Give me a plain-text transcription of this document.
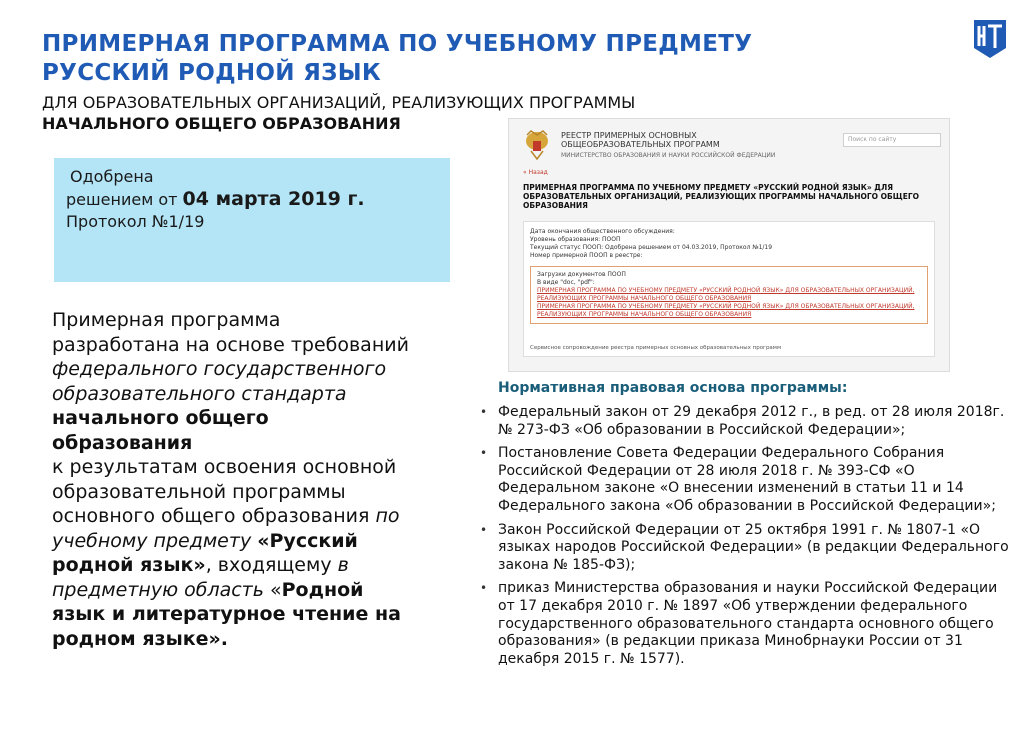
ПРИМЕРНАЯ ПРОГРАММА ПО УЧЕБНОМУ ПРЕДМЕТУ
РУССКИЙ РОДНОЙ ЯЗЫК
ДЛЯ ОБРАЗОВАТЕЛЬНЫХ ОРГАНИЗАЦИЙ, РЕАЛИЗУЮЩИХ ПРОГРАММЫ
НАЧАЛЬНОГО ОБЩЕГО ОБРАЗОВАНИЯ
Одобрена
решением от 04 марта 2019 г.
Протокол №1/19
Примерная программа разработана на основе требований федерального государственного образовательного стандарта начального общего образования
к результатам освоения основной образовательной программы основного общего образования по учебному предмету «Русский родной язык», входящему в предметную область «Родной язык и литературное чтение на родном языке».
РЕЕСТР ПРИМЕРНЫХ ОСНОВНЫХ ОБЩЕОБРАЗОВАТЕЛЬНЫХ ПРОГРАММ
МИНИСТЕРСТВО ОБРАЗОВАНИЯ И НАУКИ РОССИЙСКОЙ ФЕДЕРАЦИИ
Поиск по сайту
« Назад
ПРИМЕРНАЯ ПРОГРАММА ПО УЧЕБНОМУ ПРЕДМЕТУ «РУССКИЙ РОДНОЙ ЯЗЫК» ДЛЯ ОБРАЗОВАТЕЛЬНЫХ ОРГАНИЗАЦИЙ, РЕАЛИЗУЮЩИХ ПРОГРАММЫ НАЧАЛЬНОГО ОБЩЕГО ОБРАЗОВАНИЯ
Дата окончания общественного обсуждения:
Уровень образования: ПООП
Текущий статус ПООП: Одобрена решением от 04.03.2019, Протокол №1/19
Номер примерной ПООП в реестре:
Загрузки документов ПООП
В виде "doc, "pdf":
ПРИМЕРНАЯ ПРОГРАММА ПО УЧЕБНОМУ ПРЕДМЕТУ «РУССКИЙ РОДНОЙ ЯЗЫК» ДЛЯ ОБРАЗОВАТЕЛЬНЫХ ОРГАНИЗАЦИЙ, РЕАЛИЗУЮЩИХ ПРОГРАММЫ НАЧАЛЬНОГО ОБЩЕГО ОБРАЗОВАНИЯ
ПРИМЕРНАЯ ПРОГРАММА ПО УЧЕБНОМУ ПРЕДМЕТУ «РУССКИЙ РОДНОЙ ЯЗЫК» ДЛЯ ОБРАЗОВАТЕЛЬНЫХ ОРГАНИЗАЦИЙ, РЕАЛИЗУЮЩИХ ПРОГРАММЫ НАЧАЛЬНОГО ОБЩЕГО ОБРАЗОВАНИЯ
Сервисное сопровождение реестра примерных основных образовательных программ
Нормативная правовая основа программы:
• Федеральный закон от 29 декабря 2012 г., в ред. от 28 июля 2018г. № 273-ФЗ «Об образовании в Российской Федерации»;
• Постановление Совета Федерации Федерального Собрания Российской Федерации от 28 июля 2018 г. № 393-СФ «О Федеральном законе «О внесении изменений в статьи 11 и 14 Федерального закона «Об образовании в Российской Федерации»;
• Закон Российской Федерации от 25 октября 1991 г. № 1807-1 «О языках народов Российской Федерации» (в редакции Федерального закона № 185-ФЗ);
• приказ Министерства образования и науки Российской Федерации от 17 декабря 2010 г. № 1897 «Об утверждении федерального государственного образовательного стандарта основного общего образования» (в редакции приказа Минобрнауки России от 31 декабря 2015 г. № 1577).
